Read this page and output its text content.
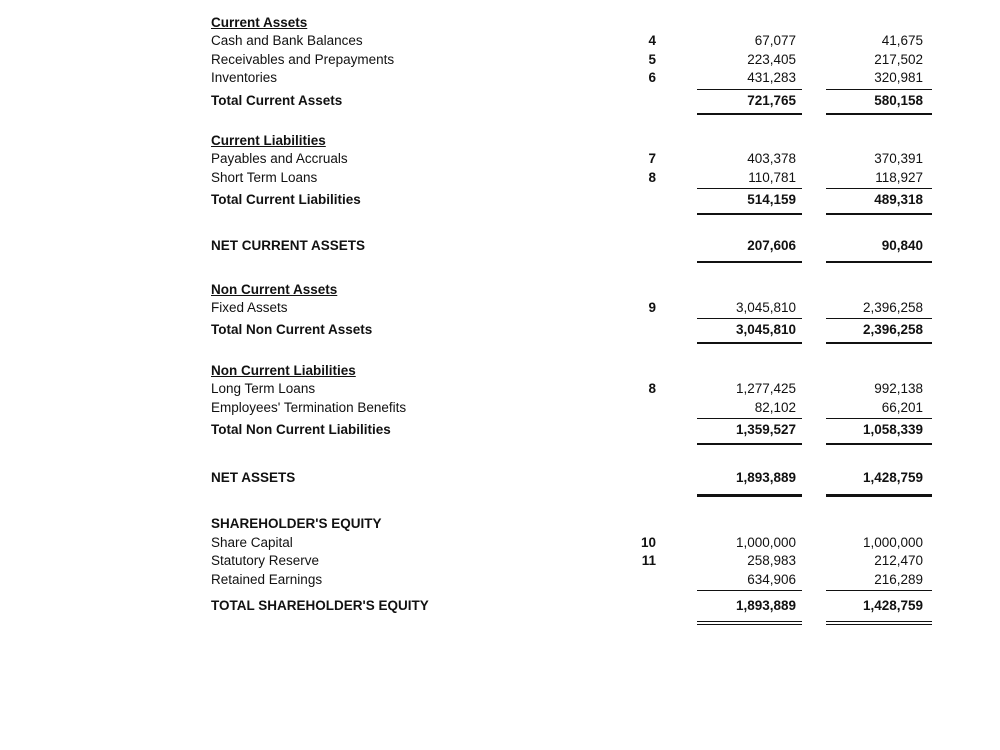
Current Assets
Cash and Bank Balances	4	67,077	41,675
Receivables and Prepayments	5	223,405	217,502
Inventories	6	431,283	320,981
Total Current Assets	721,765	580,158
Current Liabilities
Payables and Accruals	7	403,378	370,391
Short Term Loans	8	110,781	118,927
Total Current Liabilities	514,159	489,318
NET CURRENT ASSETS	207,606	90,840
Non Current Assets
Fixed Assets	9	3,045,810	2,396,258
Total Non Current Assets	3,045,810	2,396,258
Non Current Liabilities
Long Term Loans	8	1,277,425	992,138
Employees' Termination Benefits	82,102	66,201
Total Non Current Liabilities	1,359,527	1,058,339
NET ASSETS	1,893,889	1,428,759
SHAREHOLDER'S EQUITY
Share Capital	10	1,000,000	1,000,000
Statutory Reserve	11	258,983	212,470
Retained Earnings	634,906	216,289
TOTAL SHAREHOLDER'S EQUITY	1,893,889	1,428,759
